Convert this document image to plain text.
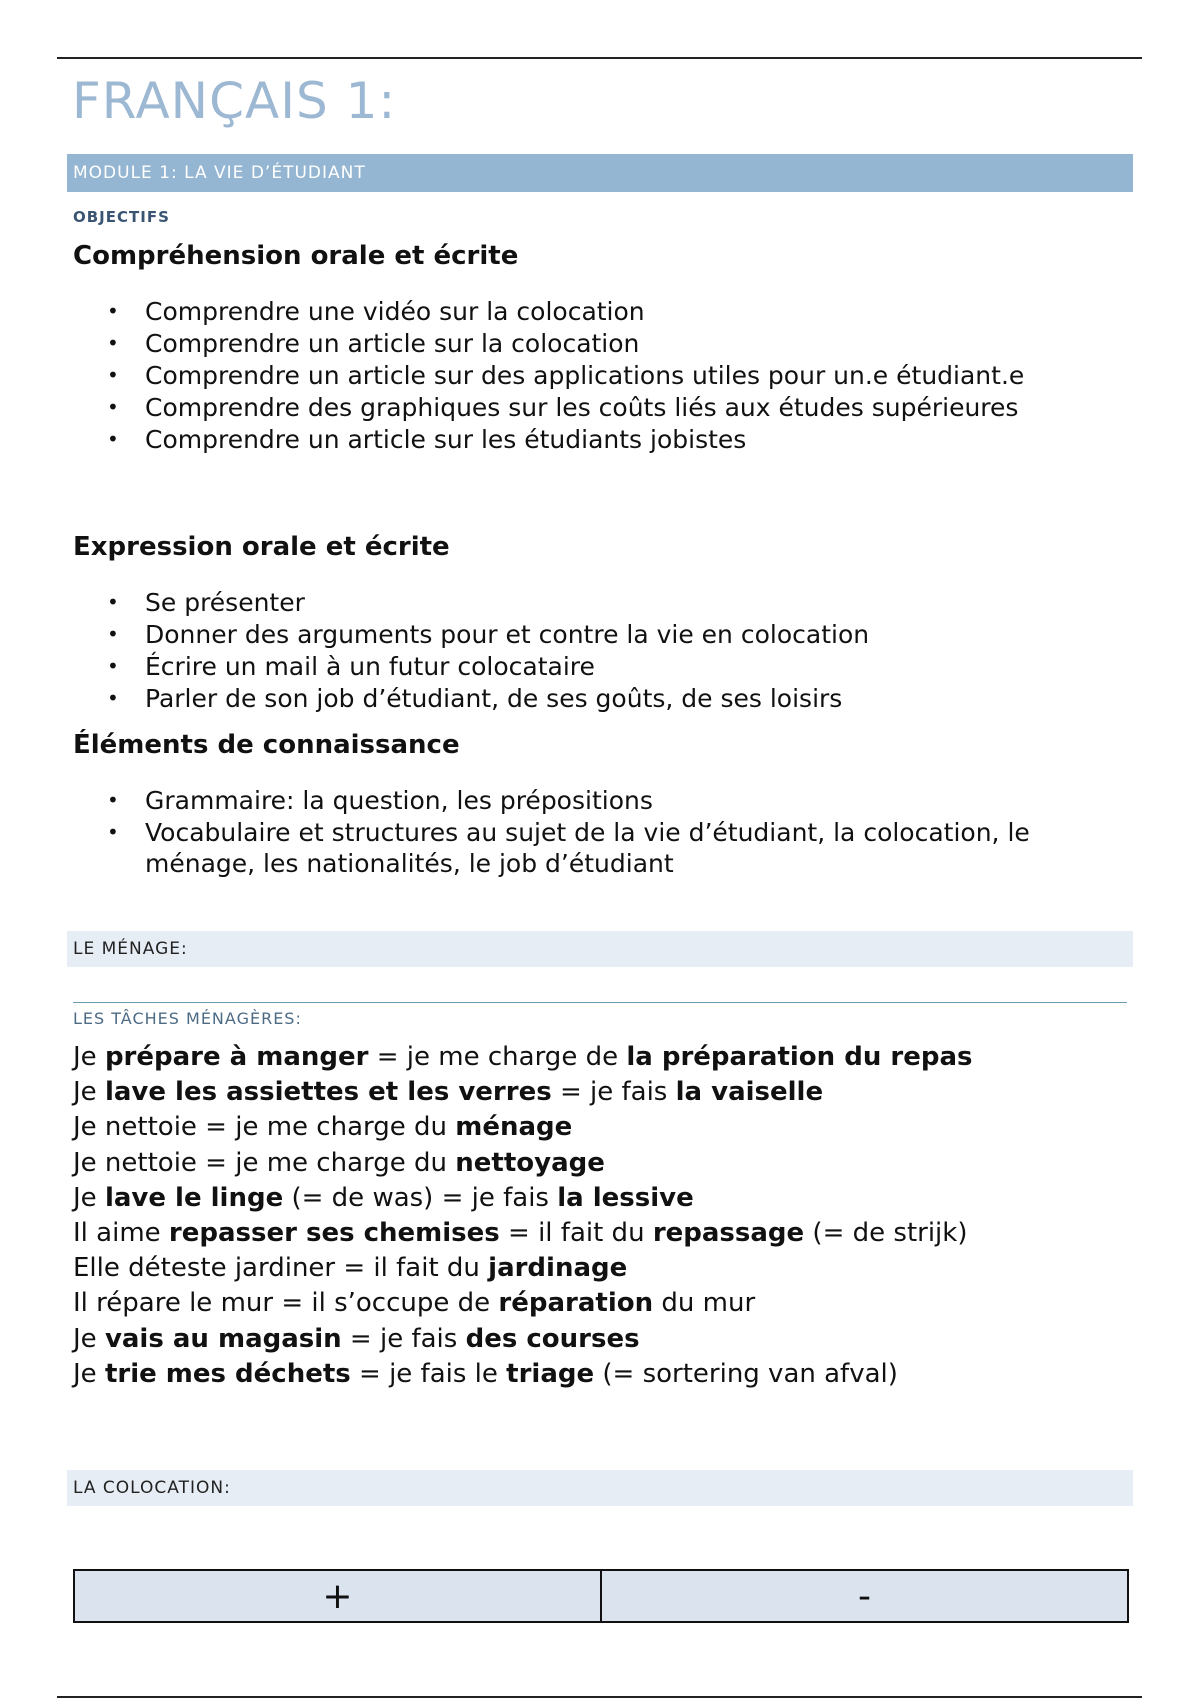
FRANÇAIS 1:
MODULE 1: LA VIE D’ÉTUDIANT
OBJECTIFS
Compréhension orale et écrite
• Comprendre une vidéo sur la colocation
• Comprendre un article sur la colocation
• Comprendre un article sur des applications utiles pour un.e étudiant.e
• Comprendre des graphiques sur les coûts liés aux études supérieures
• Comprendre un article sur les étudiants jobistes
Expression orale et écrite
• Se présenter
• Donner des arguments pour et contre la vie en colocation
• Écrire un mail à un futur colocataire
• Parler de son job d’étudiant, de ses goûts, de ses loisirs
Éléments de connaissance
• Grammaire: la question, les prépositions
• Vocabulaire et structures au sujet de la vie d’étudiant, la colocation, le ménage, les nationalités, le job d’étudiant
LE MÉNAGE:
LES TÂCHES MÉNAGÈRES:
Je prépare à manger = je me charge de la préparation du repas
Je lave les assiettes et les verres = je fais la vaiselle
Je nettoie = je me charge du ménage
Je nettoie = je me charge du nettoyage
Je lave le linge (= de was) = je fais la lessive
Il aime repasser ses chemises = il fait du repassage (= de strijk)
Elle déteste jardiner = il fait du jardinage
Il répare le mur = il s’occupe de réparation du mur
Je vais au magasin = je fais des courses
Je trie mes déchets = je fais le triage (= sortering van afval)
LA COLOCATION:
+	-
